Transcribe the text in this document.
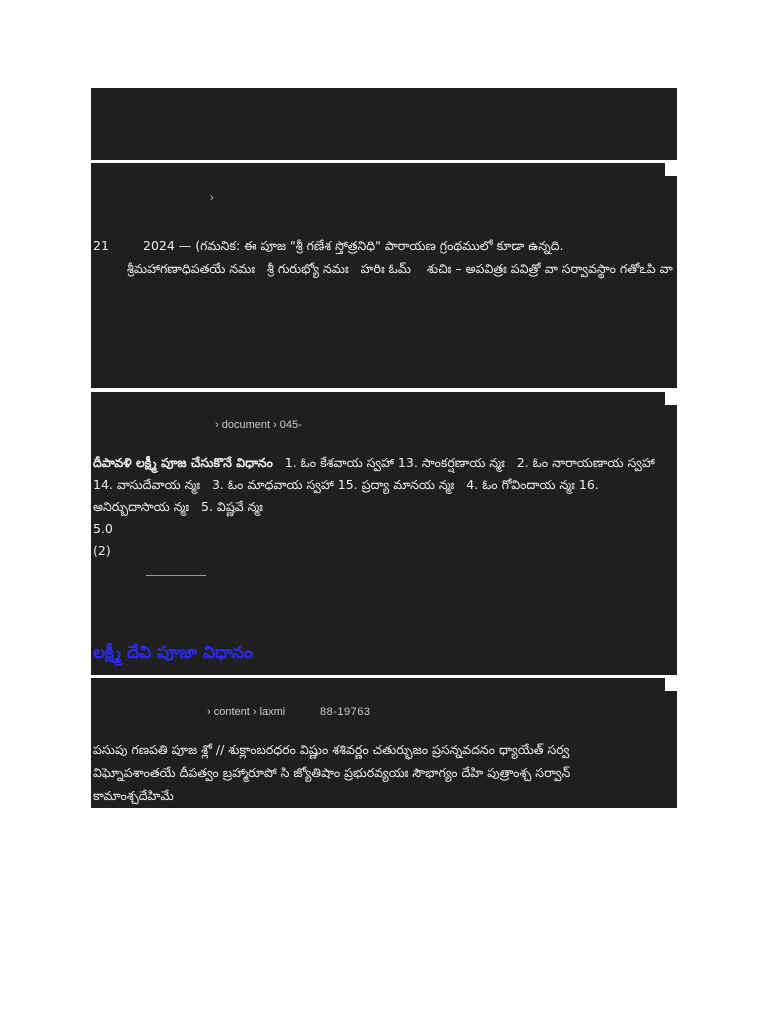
›
21	2024 — (గమనిక: ఈ పూజ "శ్రీ గణేశ స్తోత్రనిధి" పారాయణ గ్రంథములో కూడా ఉన్నది.

శ్రీమహాగణాధిపతయే నమః   శ్రీ గురుభ్యో నమః   హరిః ఓమ్    శుచిః – అపవిత్రః పవిత్రో వా సర్వావస్థాం గతోఽపి వా

› document › 045-

దీపావళి లక్ష్మీ పూజ చేసుకొనే విధానం   1. ఓం కేశవాయ స్వహా 13. సాంకర్షణాయ న్మః   2. ఓం నారాయణాయ స్వహా 14. వాసుదేవాయ న్మః   3. ఓం మాధవాయ స్వహా 15. ప్రద్యా మానయ న్మః   4. ఓం గోవిందాయ న్మః 16. అనిర్బుదాసాయ న్మః   5. విష్ణవే న్మః

5.0
(2)
లక్ష్మీ దేవి పూజా విధానం
› content › laxmi	88-19763

పసుపు గణపతి పూజ శ్లో // శుక్లాంబరధరం విష్ణుం శశివర్ణం చతుర్భుజం ప్రసన్నవదనం ధ్యాయేత్ సర్వ విఘ్నోపశాంతయే దీపత్వం బ్రహ్మారూపో సి జ్యోతిషాం ప్రభురవ్యయః సౌభాగ్యం దేహి పుత్రాంశ్చ సర్వాన్ కామాంశ్చదేహిమే
